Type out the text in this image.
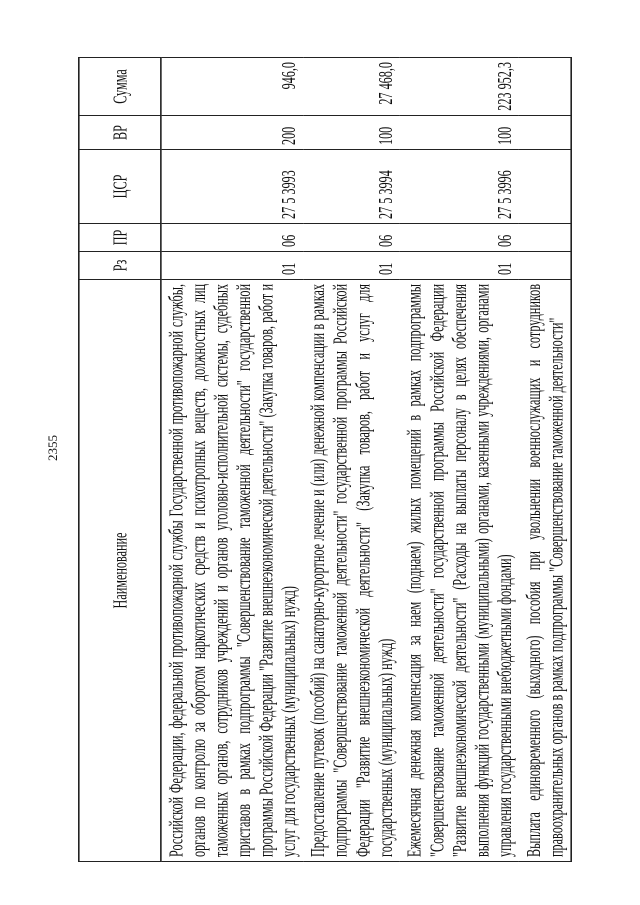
2355
Наименование	Рз	ПР	ЦСР	ВР	Сумма
Российской Федерации, федеральной противопожарной службы Государственной противопожарной службы, органов по контролю за оборотом наркотических средств и психотропных веществ, должностных лиц таможенных органов, сотрудников учреждений и органов уголовно-исполнительной системы, судебных приставов в рамках подпрограммы "Совершенствование таможенной деятельности" государственной программы Российской Федерации "Развитие внешнеэкономической деятельности" (Закупка товаров, работ и услуг для государственных (муниципальных) нужд)	01	06	27 5 3993	200	946,0
Предоставление путевок (пособий) на санаторно-курортное лечение и (или) денежной компенсации в рамках подпрограммы "Совершенствование таможенной деятельности" государственной программы Российской Федерации "Развитие внешнеэкономической деятельности" (Закупка товаров, работ и услуг для государственных (муниципальных) нужд)	01	06	27 5 3994	100	27 468,0
Ежемесячная денежная компенсация за наем (поднаем) жилых помещений в рамках подпрограммы "Совершенствование таможенной деятельности" государственной программы Российской Федерации "Развитие внешнеэкономической деятельности" (Расходы на выплаты персоналу в целях обеспечения выполнения функций государственными (муниципальными) органами, казенными учреждениями, органами управления государственными внебюджетными фондами)	01	06	27 5 3996	100	223 952,3
Выплата единовременного (выходного) пособия при увольнении военнослужащих и сотрудников правоохранительных органов в рамках подпрограммы "Совершенствование таможенной деятельности"					
